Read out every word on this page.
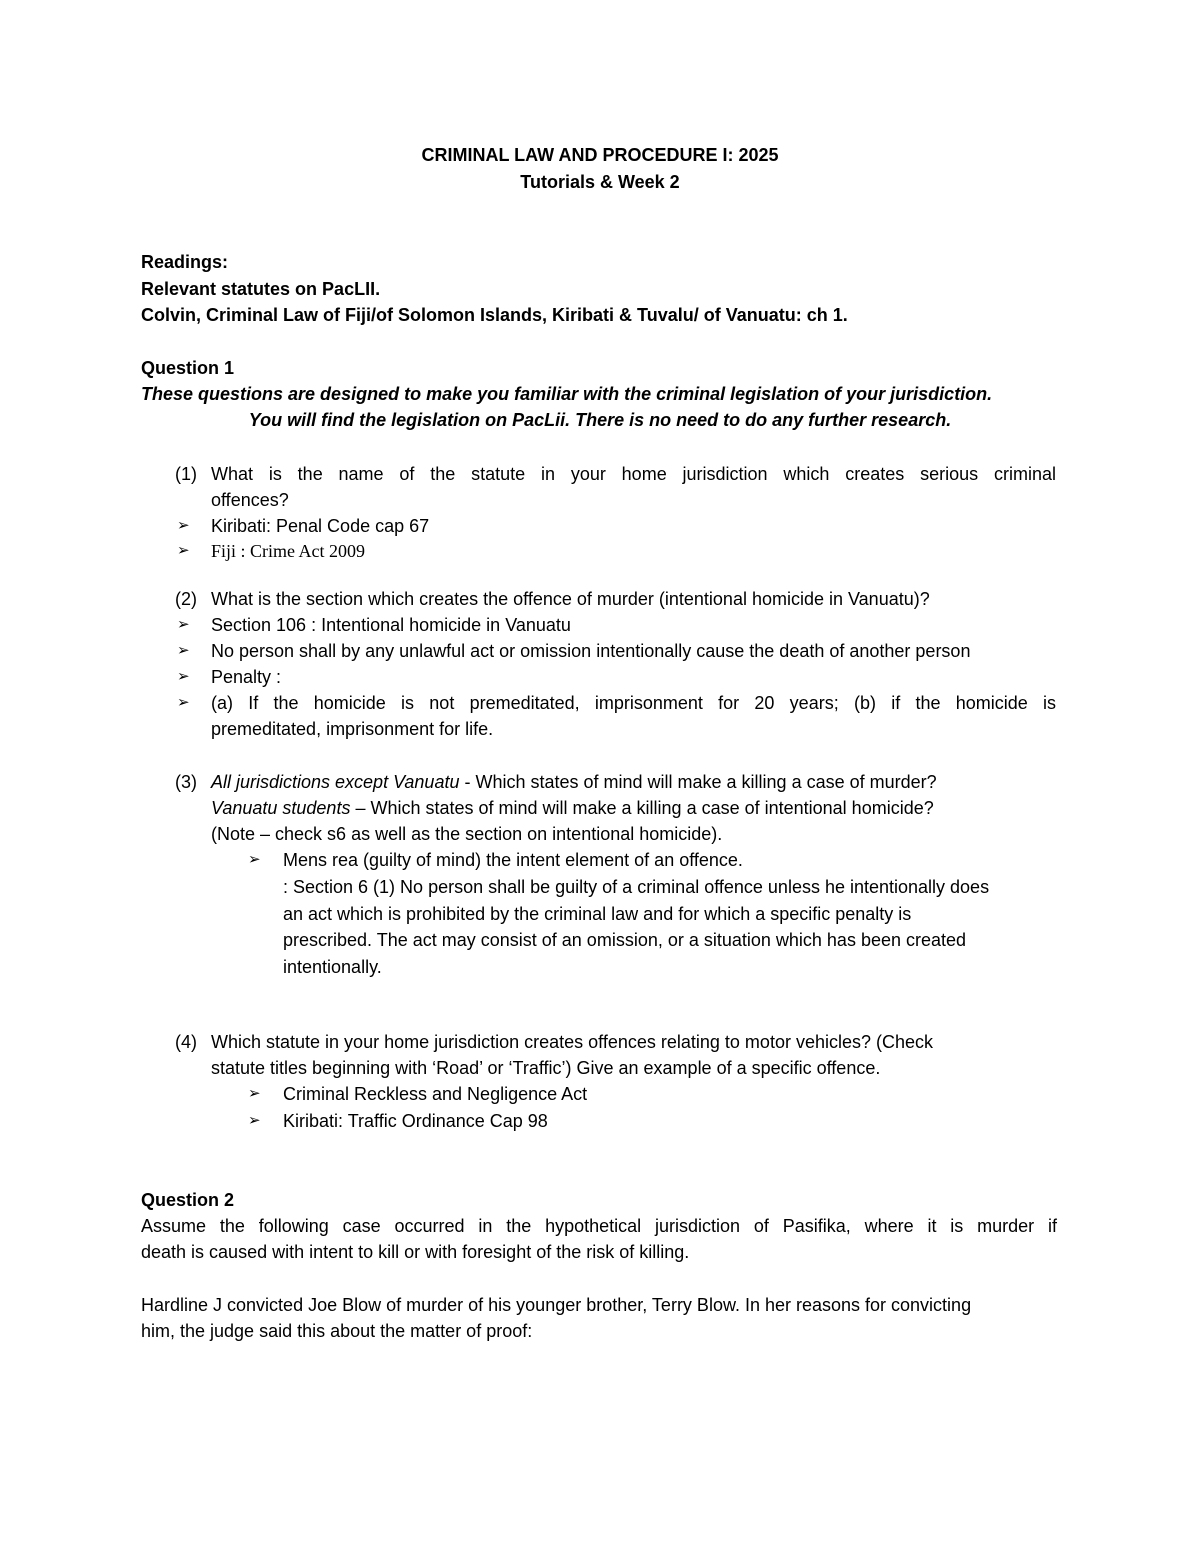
CRIMINAL LAW AND PROCEDURE I: 2025
Tutorials & Week 2
Readings:
Relevant statutes on PacLII.
Colvin, Criminal Law of Fiji/of Solomon Islands, Kiribati & Tuvalu/ of Vanuatu: ch 1.
Question 1
These questions are designed to make you familiar with the criminal legislation of your jurisdiction.
You will find the legislation on PacLii. There is no need to do any further research.
(1) What is the name of the statute in your home jurisdiction which creates serious criminal
offences?
➢ Kiribati: Penal Code cap 67
➢ Fiji : Crime Act 2009
(2) What is the section which creates the offence of murder (intentional homicide in Vanuatu)?
➢ Section 106 : Intentional homicide in Vanuatu
➢ No person shall by any unlawful act or omission intentionally cause the death of another person
➢ Penalty :
➢ (a) If the homicide is not premeditated, imprisonment for 20 years; (b) if the homicide is
premeditated, imprisonment for life.
(3) All jurisdictions except Vanuatu - Which states of mind will make a killing a case of murder?
Vanuatu students – Which states of mind will make a killing a case of intentional homicide?
(Note – check s6 as well as the section on intentional homicide).
➢ Mens rea (guilty of mind) the intent element of an offence.
: Section 6 (1) No person shall be guilty of a criminal offence unless he intentionally does
an act which is prohibited by the criminal law and for which a specific penalty is
prescribed. The act may consist of an omission, or a situation which has been created
intentionally.
(4) Which statute in your home jurisdiction creates offences relating to motor vehicles? (Check
statute titles beginning with ‘Road’ or ‘Traffic’) Give an example of a specific offence.
➢ Criminal Reckless and Negligence Act
➢ Kiribati: Traffic Ordinance Cap 98
Question 2
Assume the following case occurred in the hypothetical jurisdiction of Pasifika, where it is murder if
death is caused with intent to kill or with foresight of the risk of killing.
Hardline J convicted Joe Blow of murder of his younger brother, Terry Blow. In her reasons for convicting
him, the judge said this about the matter of proof:
